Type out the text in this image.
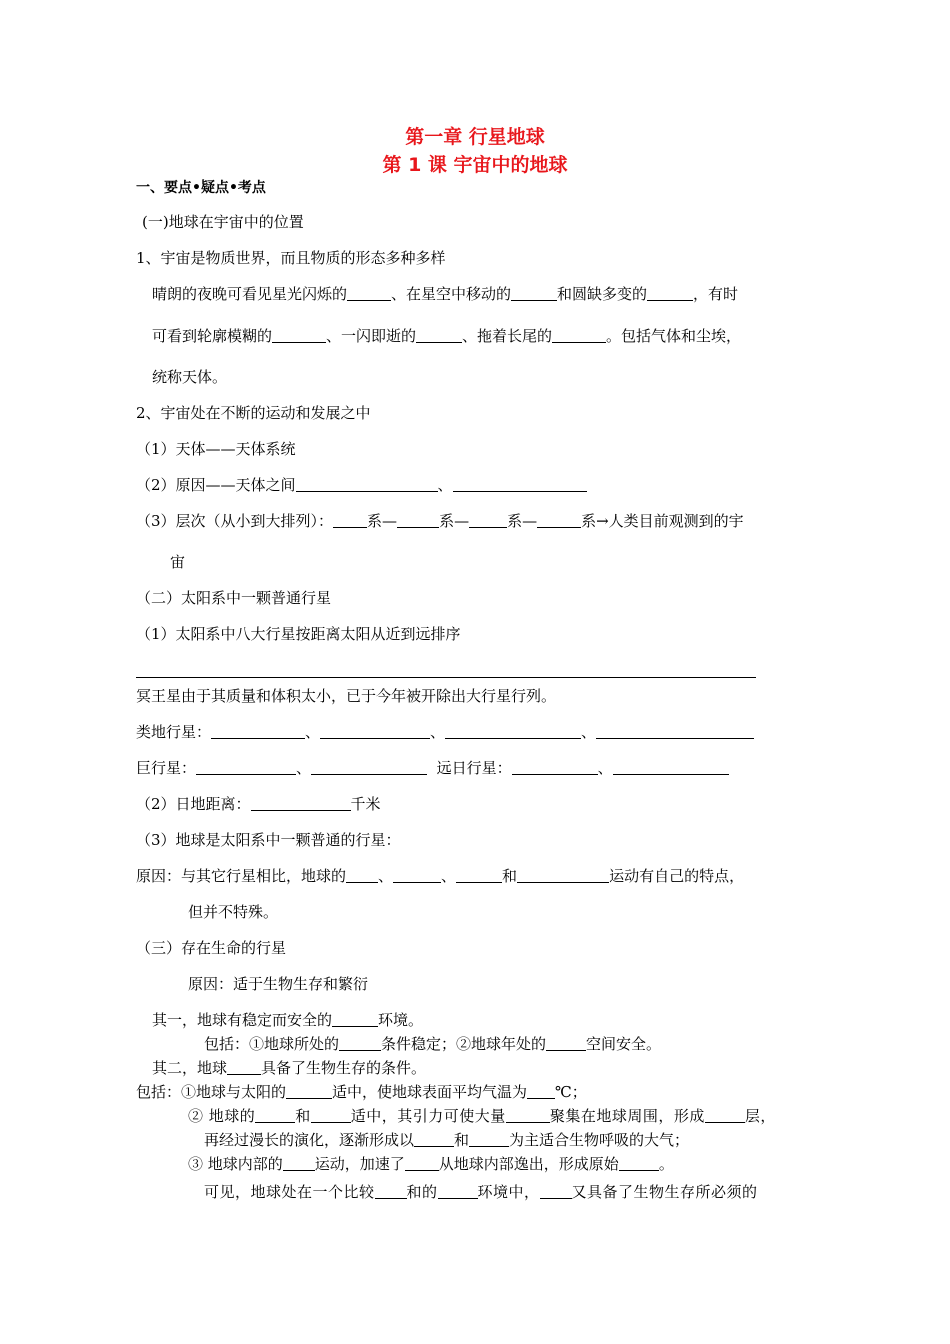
第一章 行星地球
第 1 课 宇宙中的地球
一、要点•疑点•考点
(一)地球在宇宙中的位置
1、宇宙是物质世界，而且物质的形态多种多样
晴朗的夜晚可看见星光闪烁的	、在星空中移动的	和圆缺多变的	，有时
可看到轮廓模糊的	、一闪即逝的	、拖着长尾的	。包括气体和尘埃，
统称天体。
2、宇宙处在不断的运动和发展之中
（1）天体——天体系统
（2）原因——天体之间	、
（3）层次（从小到大排列）： 系—	系—	系—	系→人类目前观测到的宇
宙
（二）太阳系中一颗普通行星
（1）太阳系中八大行星按距离太阳从近到远排序
冥王星由于其质量和体积太小，已于今年被开除出大行星行列。
类地行星：	、	、	、
巨行星：	、	远日行星：	、
（2）日地距离：	千米
（3）地球是太阳系中一颗普通的行星：
原因：与其它行星相比，地球的 、	、	和	运动有自己的特点，
但并不特殊。
（三）存在生命的行星
原因：适于生物生存和繁衍
其一，地球有稳定而安全的	环境。
包括：①地球所处的	条件稳定；②地球年处的	空间安全。
其二，地球 具备了生物生存的条件。
包括：①地球与太阳的	适中，使地球表面平均气温为 ℃；
② 地球的	和	适中，其引力可使大量	聚集在地球周围，形成	层，
再经过漫长的演化，逐渐形成以	和	为主适合生物呼吸的大气；
③ 地球内部的 运动，加速了 从地球内部逸出，形成原始	。
可见，地球处在一个比较 和的	环境中， 又具备了生物生存所必须的
